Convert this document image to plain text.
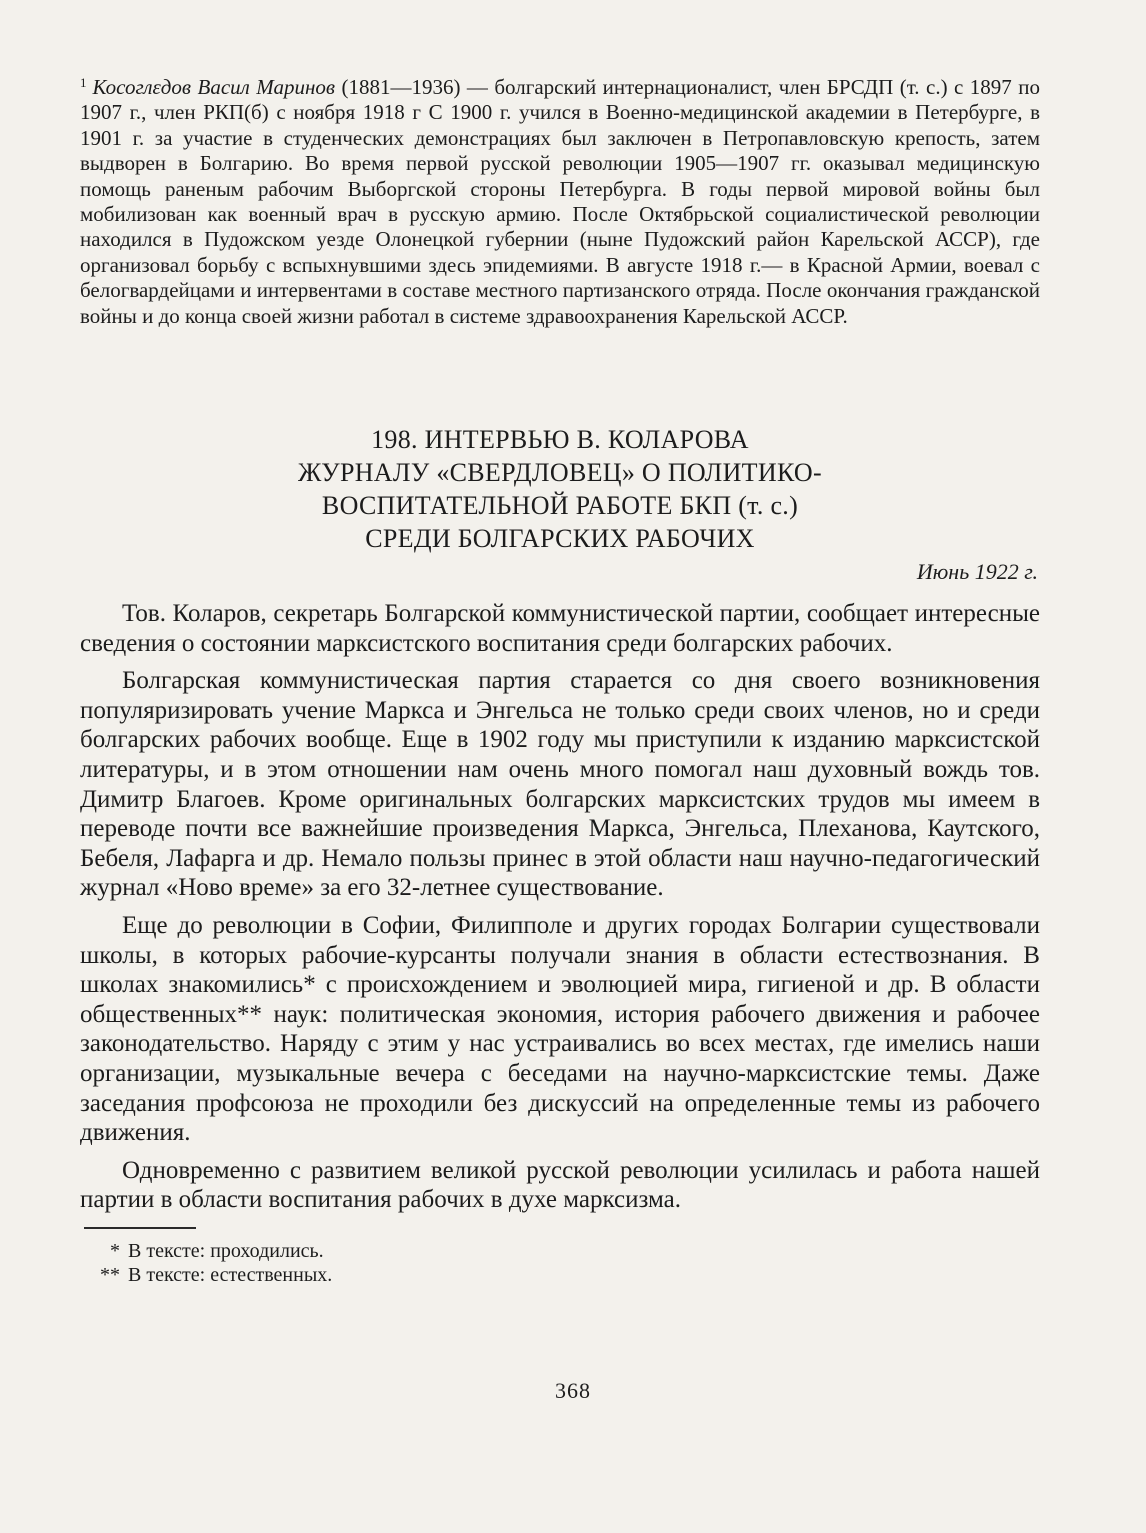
$^1$ Косоглεдов Васил Маринов (1881—1936) — болгарский интернационалист, член БРСДП (т. с.) с 1897 по 1907 г., член РКП(б) с ноября 1918 г С 1900 г. учился в Военно-медицинской академии в Петербурге, в 1901 г. за участие в студенческих демонстрациях был заключен в Петропавловскую крепость, затем выдворен в Болгарию. Во время первой русской революции 1905—1907 гг. оказывал медицинскую помощь раненым рабочим Выборгской стороны Петербурга. В годы первой мировой войны был мобилизован как военный врач в русскую армию. После Октябрьской социалистической революции находился в Пудожском уезде Олонецкой губернии (ныне Пудожский район Карельской АССР), где организовал борьбу с вспыхнувшими здесь эпидемиями. В августе 1918 г.— в Красной Армии, воевал с белогвардейцами и интервентами в составе местного партизанского отряда. После окончания гражданской войны и до конца своей жизни работал в системе здравоохранения Карельской АССР.

198. ИНТЕРВЬЮ В. КОЛАРОВА
ЖУРНАЛУ «СВЕРДЛОВЕЦ» О ПОЛИТИКО-
ВОСПИТАТЕЛЬНОЙ РАБОТЕ БКП (т. с.)
СРЕДИ БОЛГАРСКИХ РАБОЧИХ
Июнь 1922 г.

Тов. Коларов, секретарь Болгарской коммунистической партии, сообщает интересные сведения о состоянии марксистского воспитания среди болгарских рабочих.

Болгарская коммунистическая партия старается со дня своего возникновения популяризировать учение Маркса и Энгельса не только среди своих членов, но и среди болгарских рабочих вообще. Еще в 1902 году мы приступили к изданию марксистской литературы, и в этом отношении нам очень много помогал наш духовный вождь тов. Димитр Благоев. Кроме оригинальных болгарских марксистских трудов мы имеем в переводе почти все важнейшие произведения Маркса, Энгельса, Плеханова, Каутского, Бебеля, Лафарга и др. Немало пользы принес в этой области наш научно-педагогический журнал «Ново време» за его 32-летнее существование.

Еще до революции в Софии, Филипполе и других городах Болгарии существовали школы, в которых рабочие-курсанты получали знания в области естествознания. В школах знакомились* с происхождением и эволюцией мира, гигиеной и др. В области общественных** наук: политическая экономия, история рабочего движения и рабочее законодательство. Наряду с этим у нас устраивались во всех местах, где имелись наши организации, музыкальные вечера с беседами на научно-марксистские темы. Даже заседания профсоюза не проходили без дискуссий на определенные темы из рабочего движения.

Одновременно с развитием великой русской революции усилилась и работа нашей партии в области воспитания рабочих в духе марксизма.

* В тексте: проходились.
** В тексте: естественных.
368
